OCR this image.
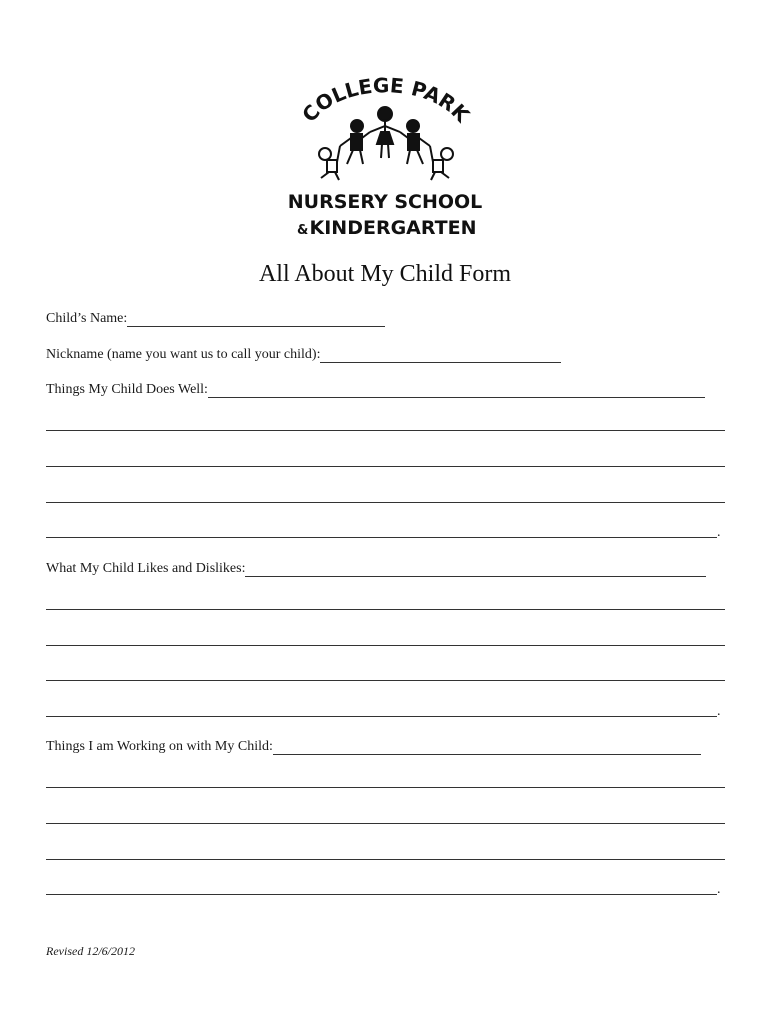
COLLEGE PARK
NURSERY SCHOOL
& KINDERGARTEN
All About My Child Form
Child’s Name:
Nickname (name you want us to call your child):
Things My Child Does Well:
.
What My Child Likes and Dislikes:
.
Things I am Working on with My Child:
.
Revised 12/6/2012
